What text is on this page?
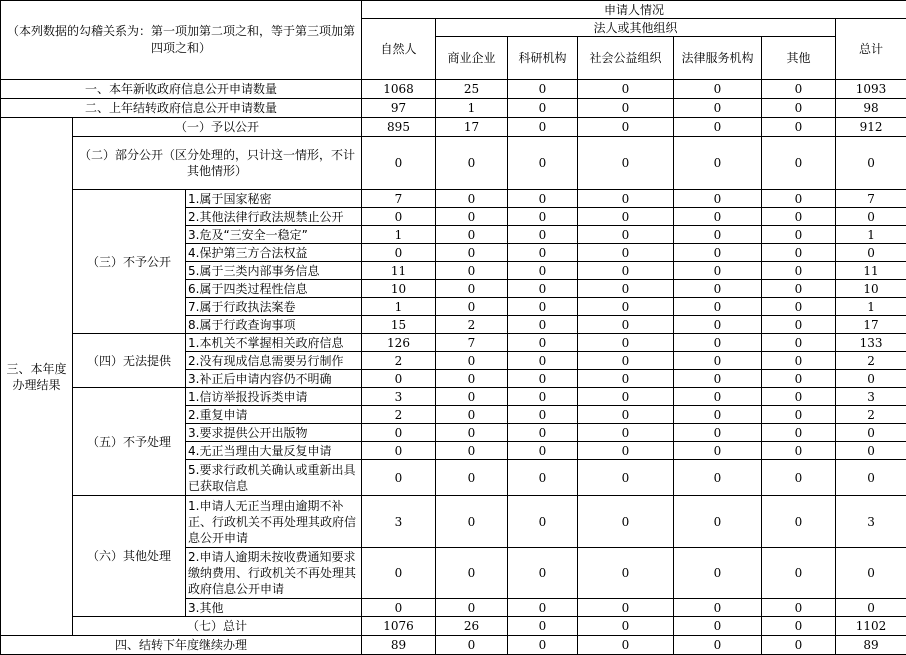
（本列数据的勾稽关系为：第一项加第二项之和，等于第三项加第四项之和）			申请人情况						
			自然人	法人或其他组织					总计
				商业企业	科研机构	社会公益组织	法律服务机构	其他	

一、本年新收政府信息公开申请数量			1068	25	0	0	0	0	1093
二、上年结转政府信息公开申请数量			97	1	0	0	0	0	98
三、本年度办理结果	（一）予以公开		895	17	0	0	0	0	912
	（二）部分公开（区分处理的，只计这一情形，不计其他情形）		0	0	0	0	0	0	0
	（三）不予公开	1.属于国家秘密	7	0	0	0	0	0	7
		2.其他法律行政法规禁止公开	0	0	0	0	0	0	0
		3.危及“三安全一稳定”	1	0	0	0	0	0	1
		4.保护第三方合法权益	0	0	0	0	0	0	0
		5.属于三类内部事务信息	11	0	0	0	0	0	11
		6.属于四类过程性信息	10	0	0	0	0	0	10
		7.属于行政执法案卷	1	0	0	0	0	0	1
		8.属于行政查询事项	15	2	0	0	0	0	17
	（四）无法提供	1.本机关不掌握相关政府信息	126	7	0	0	0	0	133
		2.没有现成信息需要另行制作	2	0	0	0	0	0	2
		3.补正后申请内容仍不明确	0	0	0	0	0	0	0
	（五）不予处理	1.信访举报投诉类申请	3	0	0	0	0	0	3
		2.重复申请	2	0	0	0	0	0	2
		3.要求提供公开出版物	0	0	0	0	0	0	0
		4.无正当理由大量反复申请	0	0	0	0	0	0	0
		5.要求行政机关确认或重新出具已获取信息	0	0	0	0	0	0	0
	（六）其他处理	1.申请人无正当理由逾期不补正、行政机关不再处理其政府信息公开申请	3	0	0	0	0	0	3
		2.申请人逾期未按收费通知要求缴纳费用、行政机关不再处理其政府信息公开申请	0	0	0	0	0	0	0
		3.其他	0	0	0	0	0	0	0
	（七）总计		1076	26	0	0	0	0	1102
四、结转下年度继续办理			89	0	0	0	0	0	89
